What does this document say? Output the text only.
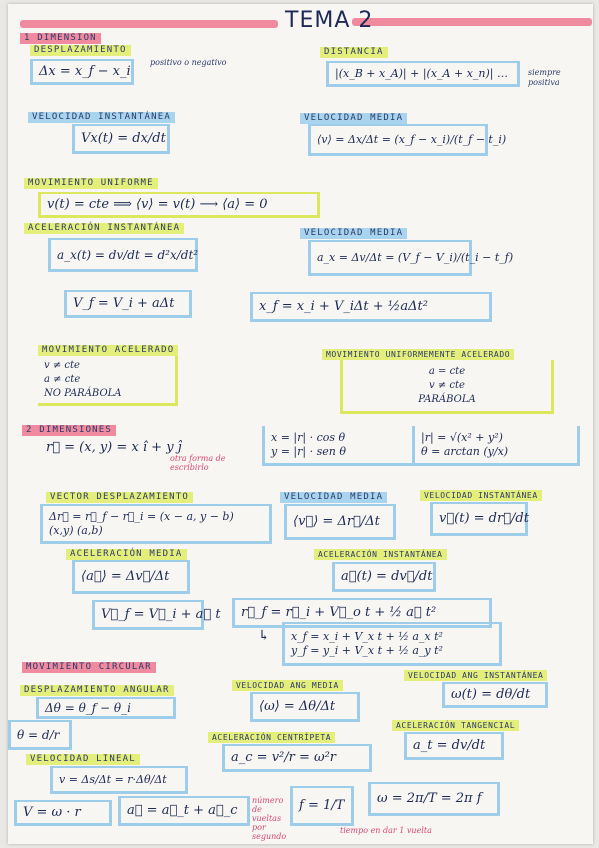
TEMA 2
1 DIMENSION
DESPLAZAMIENTO
Δx = x_f − x_i
positivo o negativo
DISTANCIA
|(x_B + x_A)| + |(x_A + x_n)| …	siempre positiva
VELOCIDAD INSTANTÁNEA
Vx(t) = dx/dt
VELOCIDAD MEDIA
⟨v⟩ = Δx/Δt = (x_f − x_i)/(t_f − t_i)
MOVIMIENTO UNIFORME
v(t) = cte ⟹ ⟨v⟩ = v(t) ⟶ ⟨a⟩ = 0
ACELERACIÓN INSTANTÁNEA
a_x(t) = dv/dt = d²x/dt²
VELOCIDAD MEDIA
a_x = Δv/Δt = (V_f − V_i)/(t_i − t_f)
V_f = V_i + aΔt	x_f = x_i + V_iΔt + ½aΔt²
MOVIMIENTO ACELERADO
v ≠ cte
a ≠ cte
NO PARÁBOLA
MOVIMIENTO UNIFORMEMENTE ACELERADO
a = cte
v ≠ cte
PARÁBOLA
2 DIMENSIONES
r⃗ = (x, y) = x î + y ĵ
otra forma de escribirlo
x = |r| · cos θ
y = |r| · sen θ
|r| = √(x² + y²)
θ = arctan (y/x)
VECTOR DESPLAZAMIENTO
Δr⃗ = r⃗_f − r⃗_i = (x − a, y − b)
(x,y) (a,b)
VELOCIDAD MEDIA
⟨v⃗⟩ = Δr⃗/Δt
VELOCIDAD INSTANTÁNEA
v⃗(t) = dr⃗/dt
ACELERACIÓN MEDIA
⟨a⃗⟩ = Δv⃗/Δt
ACELERACIÓN INSTANTÁNEA
a⃗(t) = dv⃗/dt
V⃗_f = V⃗_i + a⃗ t	r⃗_f = r⃗_i + V⃗_o t + ½ a⃗ t²
↳ x_f = x_i + V_x t + ½ a_x t²
y_f = y_i + V_x t + ½ a_y t²
MOVIMIENTO CIRCULAR
DESPLAZAMIENTO ANGULAR
Δθ = θ_f − θ_i
θ = d/r
VELOCIDAD ANG MEDIA
⟨ω⟩ = Δθ/Δt
VELOCIDAD ANG INSTANTÁNEA
ω(t) = dθ/dt
VELOCIDAD LINEAL
v = Δs/Δt = r·Δθ/Δt
ACELERACIÓN CENTRÍPETA
a_c = v²/r = ω²r
ACELERACIÓN TANGENCIAL
a_t = dv/dt
V = ω · r	a⃗ = a⃗_t + a⃗_c
número de vueltas por segundo
f = 1/T
tiempo en dar 1 vuelta
ω = 2π/T = 2π f
